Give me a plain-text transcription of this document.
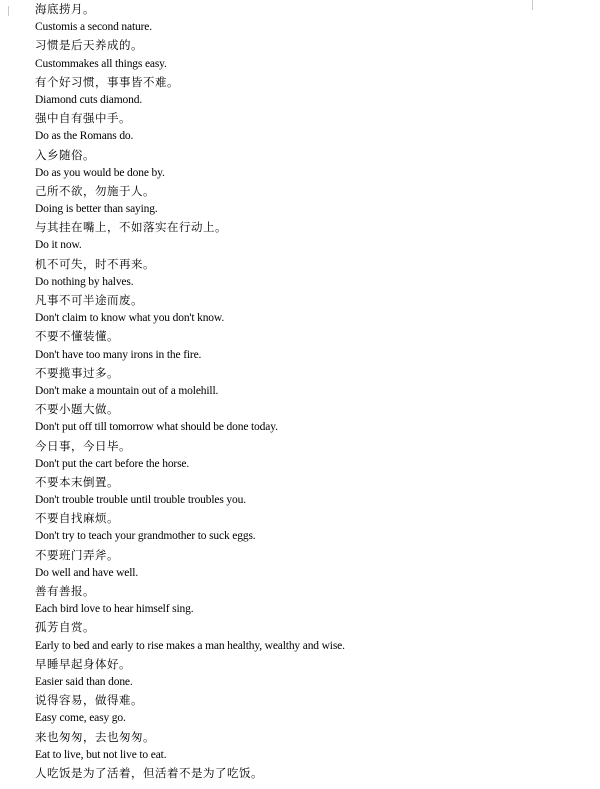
海底捞月。
Customis a second nature.
习惯是后天养成的。
Custommakes all things easy.
有个好习惯，事事皆不难。
Diamond cuts diamond.
强中自有强中手。
Do as the Romans do.
入乡随俗。
Do as you would be done by.
己所不欲，勿施于人。
Doing is better than saying.
与其挂在嘴上，不如落实在行动上。
Do it now.
机不可失，时不再来。
Do nothing by halves.
凡事不可半途而废。
Don't claim to know what you don't know.
不要不懂装懂。
Don't have too many irons in the fire.
不要揽事过多。
Don't make a mountain out of a molehill.
不要小题大做。
Don't put off till tomorrow what should be done today.
今日事，今日毕。
Don't put the cart before the horse.
不要本末倒置。
Don't trouble trouble until trouble troubles you.
不要自找麻烦。
Don't try to teach your grandmother to suck eggs.
不要班门弄斧。
Do well and have well.
善有善报。
Each bird love to hear himself sing.
孤芳自赏。
Early to bed and early to rise makes a man healthy, wealthy and wise.
早睡早起身体好。
Easier said than done.
说得容易，做得难。
Easy come, easy go.
来也匆匆，去也匆匆。
Eat to live, but not live to eat.
人吃饭是为了活着，但活着不是为了吃饭。
